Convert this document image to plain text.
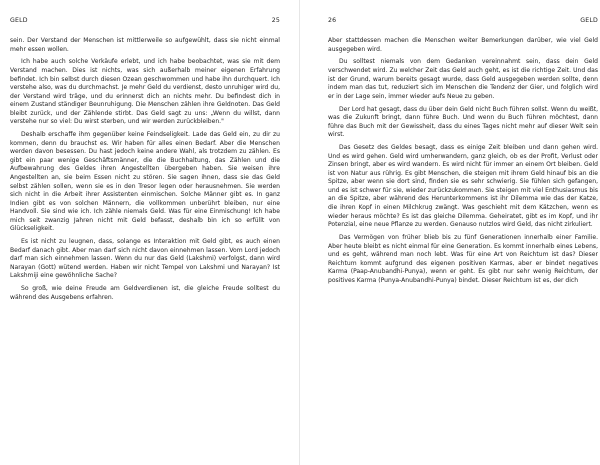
GELD	25

sein. Der Verstand der Menschen ist mittlerweile so aufgewühlt, dass sie nicht einmal mehr essen wollen.

Ich habe auch solche Verkäufe erlebt, und ich habe beobachtet, was sie mit dem Verstand machen. Dies ist nichts, was sich außerhalb meiner eigenen Erfahrung befindet. Ich bin selbst durch diesen Ozean geschwommen und habe ihn durchquert. Ich verstehe also, was du durchmachst. Je mehr Geld du verdienst, desto unruhiger wird du, der Verstand wird träge, und du erinnerst dich an nichts mehr. Du befindest dich in einem Zustand ständiger Beunruhigung. Die Menschen zählen ihre Geldnoten. Das Geld bleibt zurück, und der Zählende stirbt. Das Geld sagt zu uns: „Wenn du willst, dann verstehe nur so viel: Du wirst sterben, und wir werden zurückbleiben."

Deshalb erschaffe ihm gegenüber keine Feindseligkeit. Lade das Geld ein, zu dir zu kommen, denn du brauchst es. Wir haben für alles einen Bedarf. Aber die Menschen werden davon besessen. Du hast jedoch keine andere Wahl, als trotzdem zu zählen. Es gibt ein paar wenige Geschäftsmänner, die die Buchhaltung, das Zählen und die Aufbewahrung des Geldes ihren Angestellten übergeben haben. Sie weisen ihre Angestellten an, sie beim Essen nicht zu stören. Sie sagen ihnen, dass sie das Geld selbst zählen sollen, wenn sie es in den Tresor legen oder herausnehmen. Sie werden sich nicht in die Arbeit ihrer Assistenten einmischen. Solche Männer gibt es. In ganz Indien gibt es von solchen Männern, die vollkommen unberührt bleiben, nur eine Handvoll. Sie sind wie ich. Ich zähle niemals Geld. Was für eine Einmischung! Ich habe mich seit zwanzig Jahren nicht mit Geld befasst, deshalb bin ich so erfüllt von Glückseligkeit.

Es ist nicht zu leugnen, dass, solange es Interaktion mit Geld gibt, es auch einen Bedarf danach gibt. Aber man darf sich nicht davon einnehmen lassen. Vom Lord jedoch darf man sich einnehmen lassen. Wenn du nur das Geld (Lakshmi) verfolgst, dann wird Narayan (Gott) wütend werden. Haben wir nicht Tempel von Lakshmi und Narayan? Ist Lakshmiji eine gewöhnliche Sache?

So groß, wie deine Freude am Geldverdienen ist, die gleiche Freude solltest du während des Ausgebens erfahren.

26	GELD

Aber stattdessen machen die Menschen weiter Bemerkungen darüber, wie viel Geld ausgegeben wird.

Du solltest niemals von dem Gedanken vereinnahmt sein, dass dein Geld verschwendet wird. Zu welcher Zeit das Geld auch geht, es ist die richtige Zeit. Und das ist der Grund, warum bereits gesagt wurde, dass Geld ausgegeben werden sollte, denn indem man das tut, reduziert sich im Menschen die Tendenz der Gier, und folglich wird er in der Lage sein, immer wieder aufs Neue zu geben.

Der Lord hat gesagt, dass du über dein Geld nicht Buch führen sollst. Wenn du weißt, was die Zukunft bringt, dann führe Buch. Und wenn du Buch führen möchtest, dann führe das Buch mit der Gewissheit, dass du eines Tages nicht mehr auf dieser Welt sein wirst.

Das Gesetz des Geldes besagt, dass es einige Zeit bleiben und dann gehen wird. Und es wird gehen. Geld wird umherwandern, ganz gleich, ob es der Profit, Verlust oder Zinsen bringt, aber es wird wandern. Es wird nicht für immer an einem Ort bleiben. Geld ist von Natur aus rührig. Es gibt Menschen, die steigen mit ihrem Geld hinauf bis an die Spitze, aber wenn sie dort sind, finden sie es sehr schwierig. Sie fühlen sich gefangen, und es ist schwer für sie, wieder zurückzukommen. Sie steigen mit viel Enthusiasmus bis an die Spitze, aber während des Herunterkommens ist ihr Dilemma wie das der Katze, die ihren Kopf in einen Milchkrug zwängt. Was geschieht mit dem Kätzchen, wenn es wieder heraus möchte? Es ist das gleiche Dilemma. Geheiratet, gibt es im Kopf, und ihr Potenzial, eine neue Pflanze zu werden. Genauso nutzlos wird Geld, das nicht zirkuliert.

Das Vermögen von früher blieb bis zu fünf Generationen innerhalb einer Familie. Aber heute bleibt es nicht einmal für eine Generation. Es kommt innerhalb eines Lebens, und es geht, während man noch lebt. Was für eine Art von Reichtum ist das? Dieser Reichtum kommt aufgrund des eigenen positiven Karmas, aber er bindet negatives Karma (Paap-Anubandhi-Punya), wenn er geht. Es gibt nur sehr wenig Reichtum, der positives Karma (Punya-Anubandhi-Punya) bindet. Dieser Reichtum ist es, der dich
